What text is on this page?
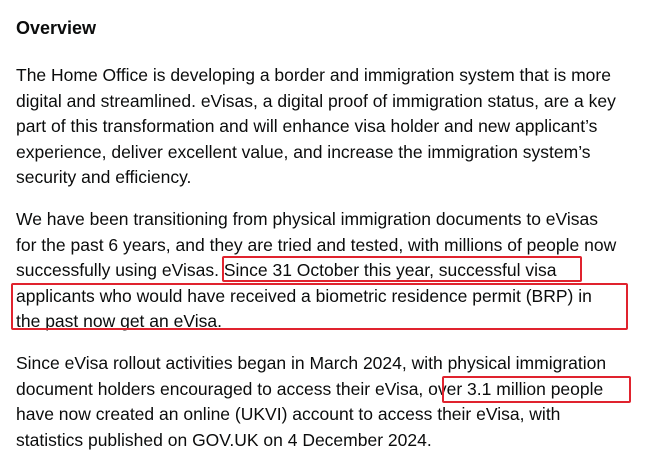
Overview

The Home Office is developing a border and immigration system that is more
digital and streamlined. eVisas, a digital proof of immigration status, are a key
part of this transformation and will enhance visa holder and new applicant’s
experience, deliver excellent value, and increase the immigration system’s
security and efficiency.

We have been transitioning from physical immigration documents to eVisas
for the past 6 years, and they are tried and tested, with millions of people now
successfully using eVisas. Since 31 October this year, successful visa
applicants who would have received a biometric residence permit (BRP) in
the past now get an eVisa.

Since eVisa rollout activities began in March 2024, with physical immigration
document holders encouraged to access their eVisa, over 3.1 million people
have now created an online (UKVI) account to access their eVisa, with
statistics published on GOV.UK on 4 December 2024.
